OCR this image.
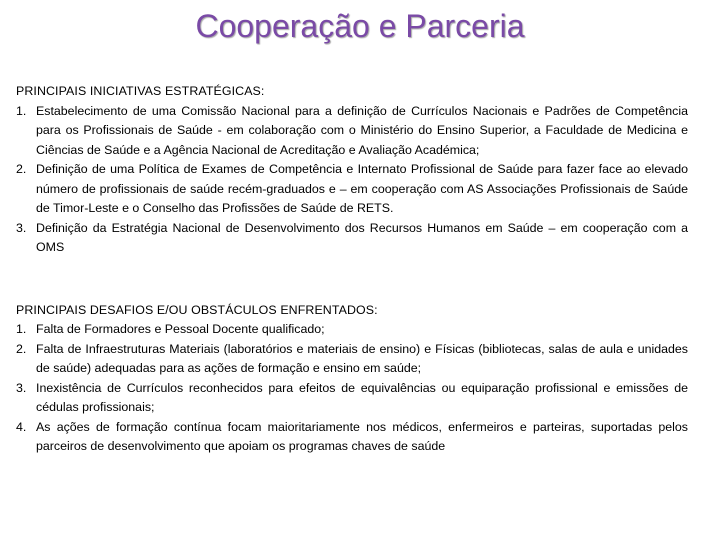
Cooperação e Parceria

PRINCIPAIS INICIATIVAS ESTRATÉGICAS:

1. Estabelecimento de uma Comissão Nacional para a definição de Currículos Nacionais e Padrões de Competência para os Profissionais de Saúde - em colaboração com o Ministério do Ensino Superior, a Faculdade de Medicina e Ciências de Saúde e a Agência Nacional de Acreditação e Avaliação Académica;
2. Definição de uma Política de Exames de Competência e Internato Profissional de Saúde para fazer face ao elevado número de profissionais de saúde recém-graduados e – em cooperação com AS Associações Profissionais de Saúde de Timor-Leste e o Conselho das Profissões de Saúde de RETS.
3. Definição da Estratégia Nacional de Desenvolvimento dos Recursos Humanos em Saúde – em cooperação com a OMS

PRINCIPAIS DESAFIOS E/OU OBSTÁCULOS ENFRENTADOS:

1. Falta de Formadores e Pessoal Docente qualificado;
2. Falta de Infraestruturas Materiais (laboratórios e materiais de ensino) e Físicas (bibliotecas, salas de aula e unidades de saúde) adequadas para as ações de formação e ensino em saúde;
3. Inexistência de Currículos reconhecidos para efeitos de equivalências ou equiparação profissional e emissões de cédulas profissionais;
4. As ações de formação contínua focam maioritariamente nos médicos, enfermeiros e parteiras, suportadas pelos parceiros de desenvolvimento que apoiam os programas chaves de saúde
